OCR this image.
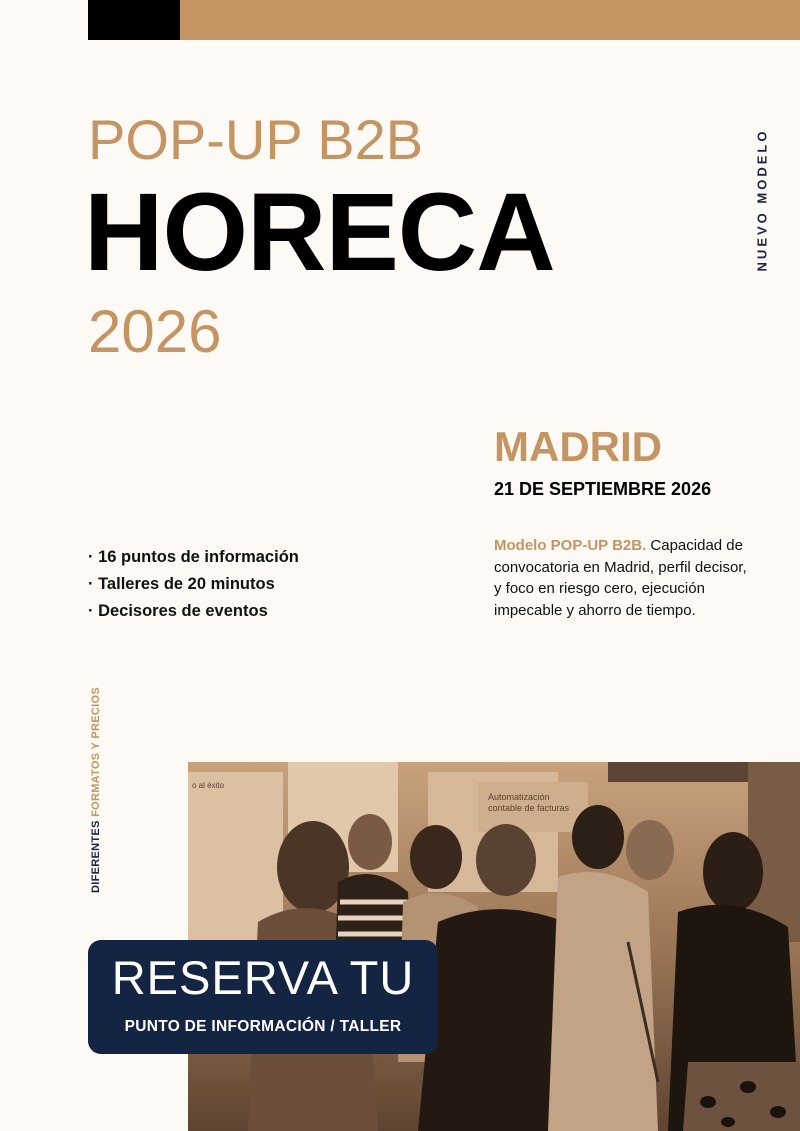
POP-UP B2B
HORECA
2026
NUEVO MODELO
MADRID
21 DE SEPTIEMBRE 2026
· 16 puntos de información
· Talleres de 20 minutos
· Decisores de eventos
Modelo POP-UP B2B. Capacidad de convocatoria en Madrid, perfil decisor, y foco en riesgo cero, ejecución impecable y ahorro de tiempo.
DIFERENTES FORMATOS Y PRECIOS	Automatización
contable de facturas
o al éxito
RESERVA TU
PUNTO DE INFORMACIÓN / TALLER
